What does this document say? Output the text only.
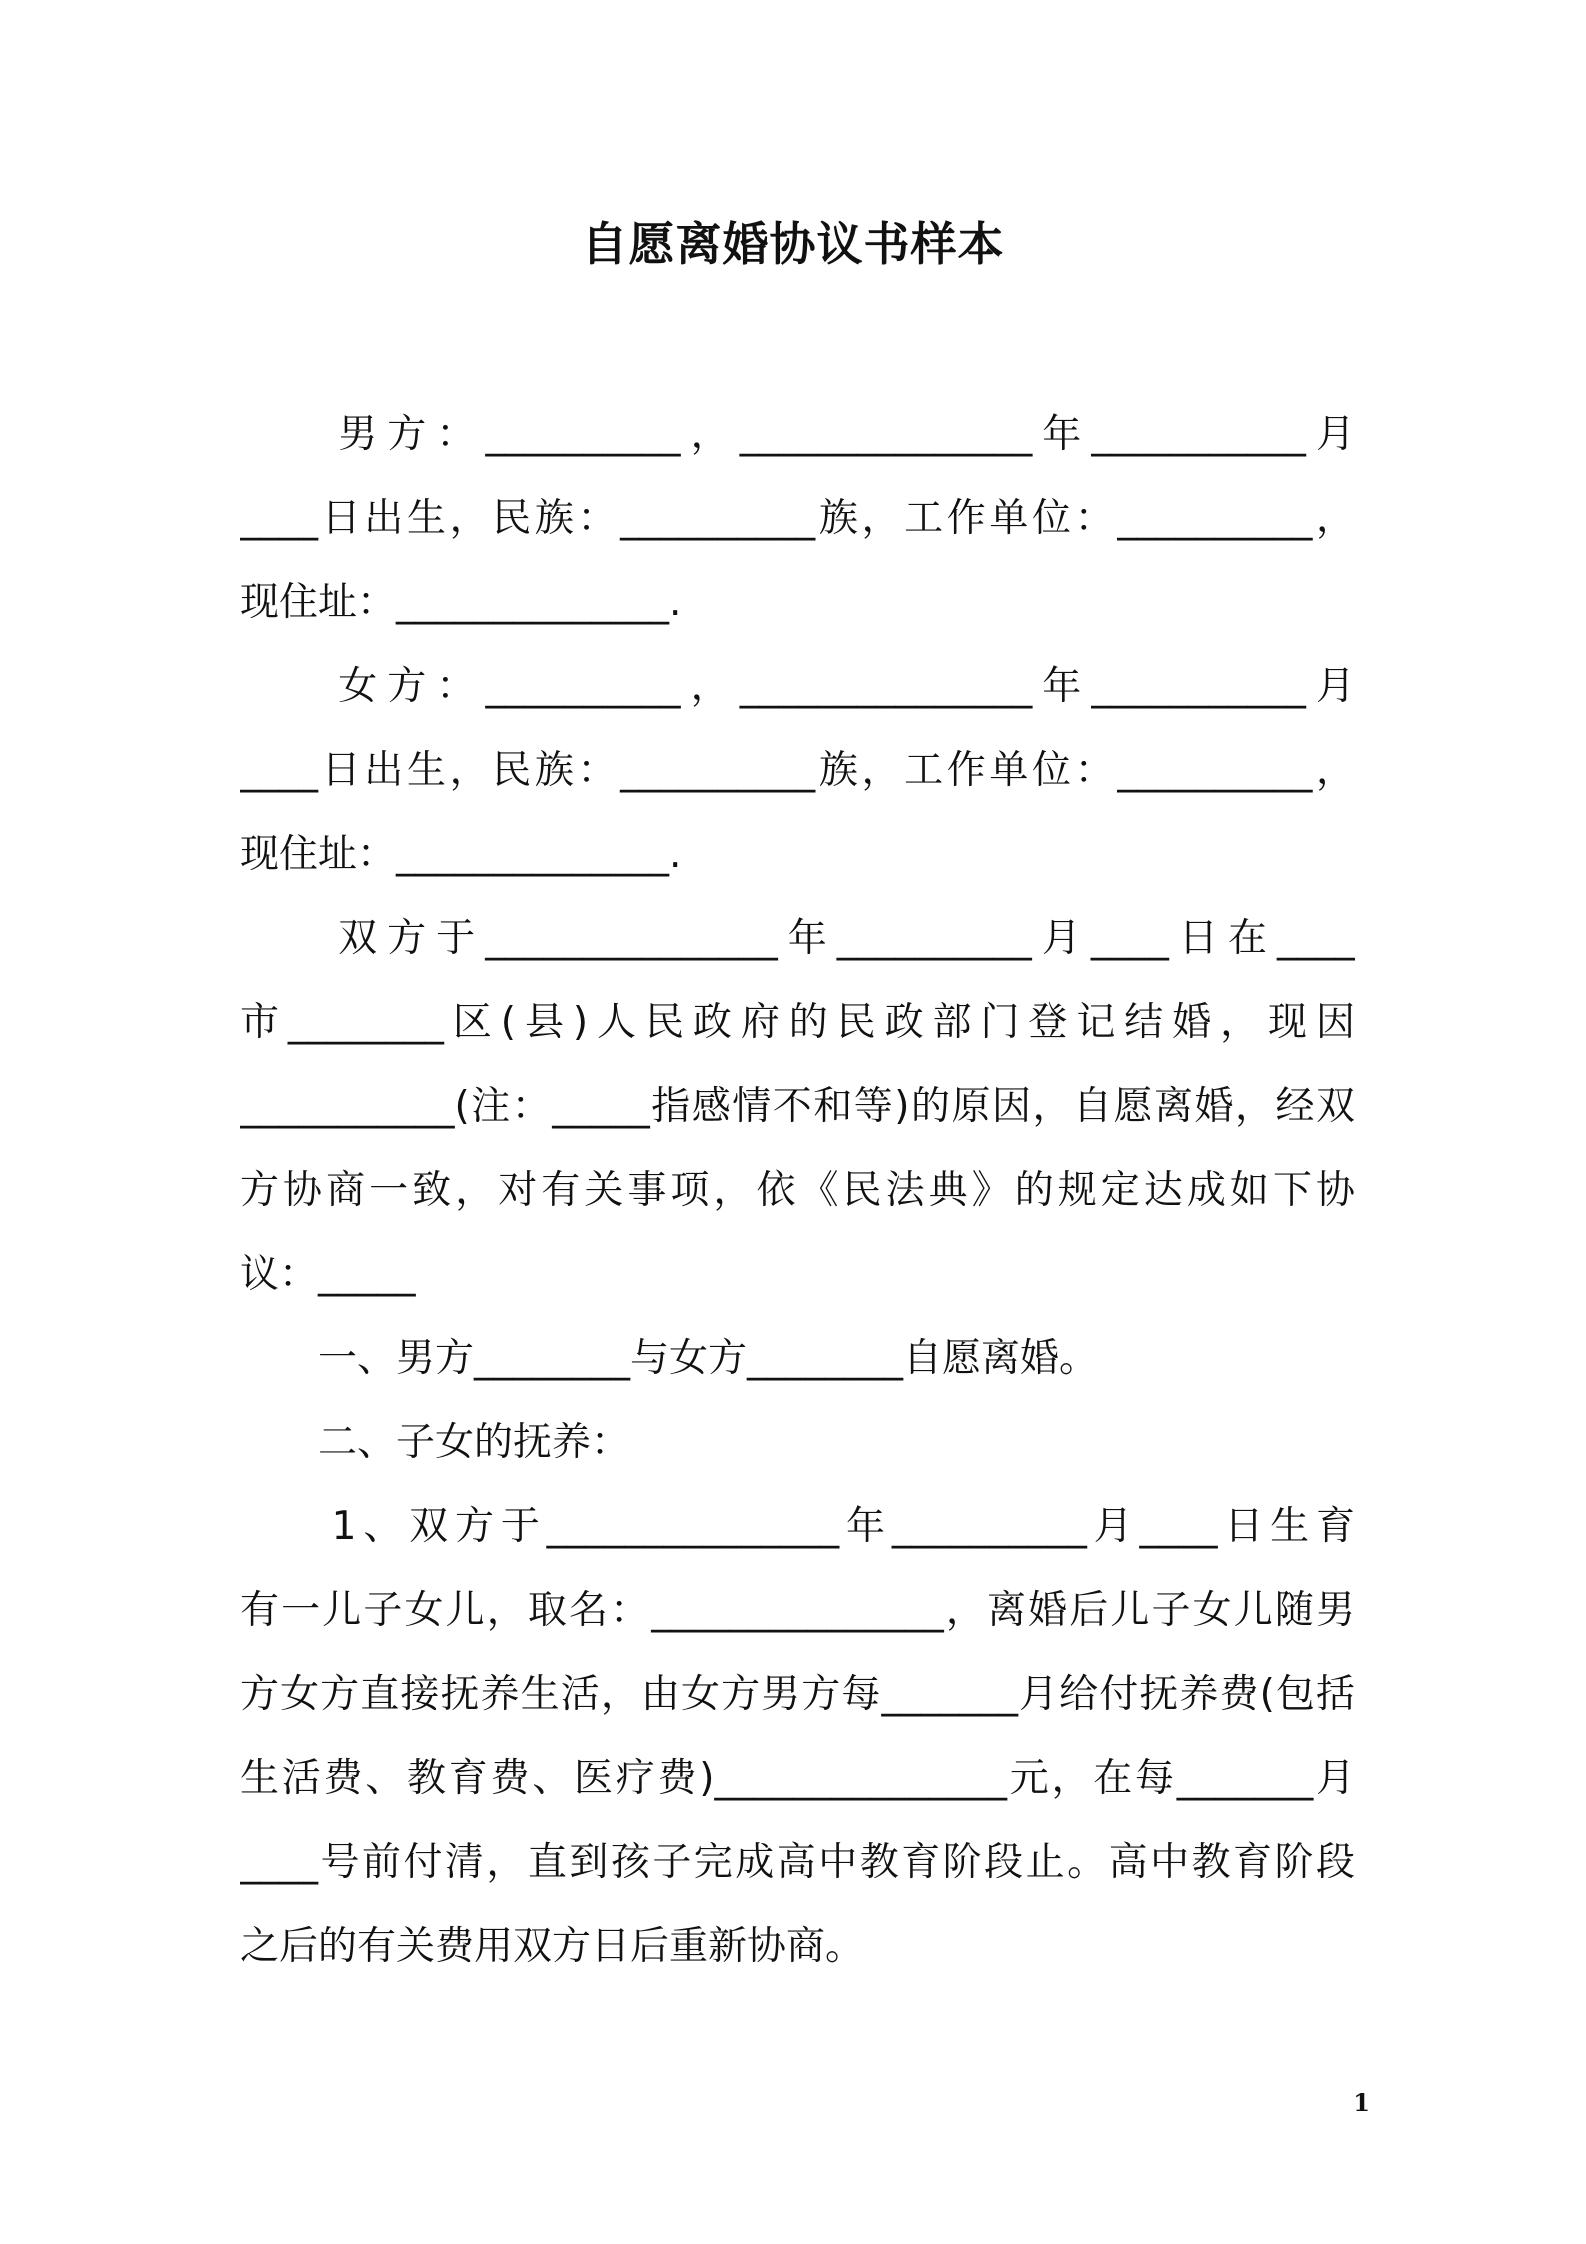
自愿离婚协议书样本
　　男方：__________，_______________年___________月
____日出生，民族：__________族，工作单位：__________，
现住址：______________.
　　女方：__________，_______________年___________月
____日出生，民族：__________族，工作单位：__________，
现住址：______________.
　　双方于_______________年__________月____日在____
市________区(县)人民政府的民政部门登记结婚，现因
___________(注：_____指感情不和等)的原因，自愿离婚，经双
方协商一致，对有关事项，依《民法典》的规定达成如下协
议：_____
　　一、男方________与女方________自愿离婚。
　　二、子女的抚养：
　　1、双方于_______________年__________月____日生育
有一儿子女儿，取名：_______________，离婚后儿子女儿随男
方女方直接抚养生活，由女方男方每_______月给付抚养费(包括
生活费、教育费、医疗费)_______________元，在每_______月
____号前付清，直到孩子完成高中教育阶段止。高中教育阶段
之后的有关费用双方日后重新协商。
1
